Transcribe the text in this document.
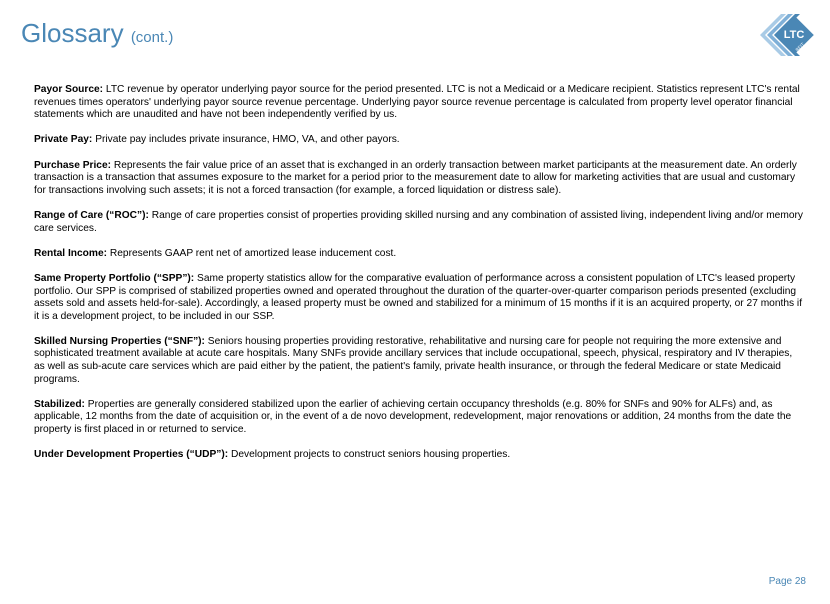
Glossary (cont.)	LTC
REIT

Payor Source: LTC revenue by operator underlying payor source for the period presented. LTC is not a Medicaid or a Medicare recipient. Statistics represent LTC's rental revenues times operators' underlying payor source revenue percentage. Underlying payor source revenue percentage is calculated from property level operator financial statements which are unaudited and have not been independently verified by us.

Private Pay: Private pay includes private insurance, HMO, VA, and other payors.

Purchase Price: Represents the fair value price of an asset that is exchanged in an orderly transaction between market participants at the measurement date. An orderly transaction is a transaction that assumes exposure to the market for a period prior to the measurement date to allow for marketing activities that are usual and customary for transactions involving such assets; it is not a forced transaction (for example, a forced liquidation or distress sale).

Range of Care (“ROC”): Range of care properties consist of properties providing skilled nursing and any combination of assisted living, independent living and/or memory care services.

Rental Income: Represents GAAP rent net of amortized lease inducement cost.

Same Property Portfolio (“SPP”): Same property statistics allow for the comparative evaluation of performance across a consistent population of LTC's leased property portfolio. Our SPP is comprised of stabilized properties owned and operated throughout the duration of the quarter-over-quarter comparison periods presented (excluding assets sold and assets held-for-sale). Accordingly, a leased property must be owned and stabilized for a minimum of 15 months if it is an acquired property, or 27 months if it is a development project, to be included in our SSP.

Skilled Nursing Properties (“SNF”): Seniors housing properties providing restorative, rehabilitative and nursing care for people not requiring the more extensive and sophisticated treatment available at acute care hospitals. Many SNFs provide ancillary services that include occupational, speech, physical, respiratory and IV therapies, as well as sub-acute care services which are paid either by the patient, the patient's family, private health insurance, or through the federal Medicare or state Medicaid programs.

Stabilized: Properties are generally considered stabilized upon the earlier of achieving certain occupancy thresholds (e.g. 80% for SNFs and 90% for ALFs) and, as applicable, 12 months from the date of acquisition or, in the event of a de novo development, redevelopment, major renovations or addition, 24 months from the date the property is first placed in or returned to service.

Under Development Properties (“UDP”): Development projects to construct seniors housing properties.

Page 28
